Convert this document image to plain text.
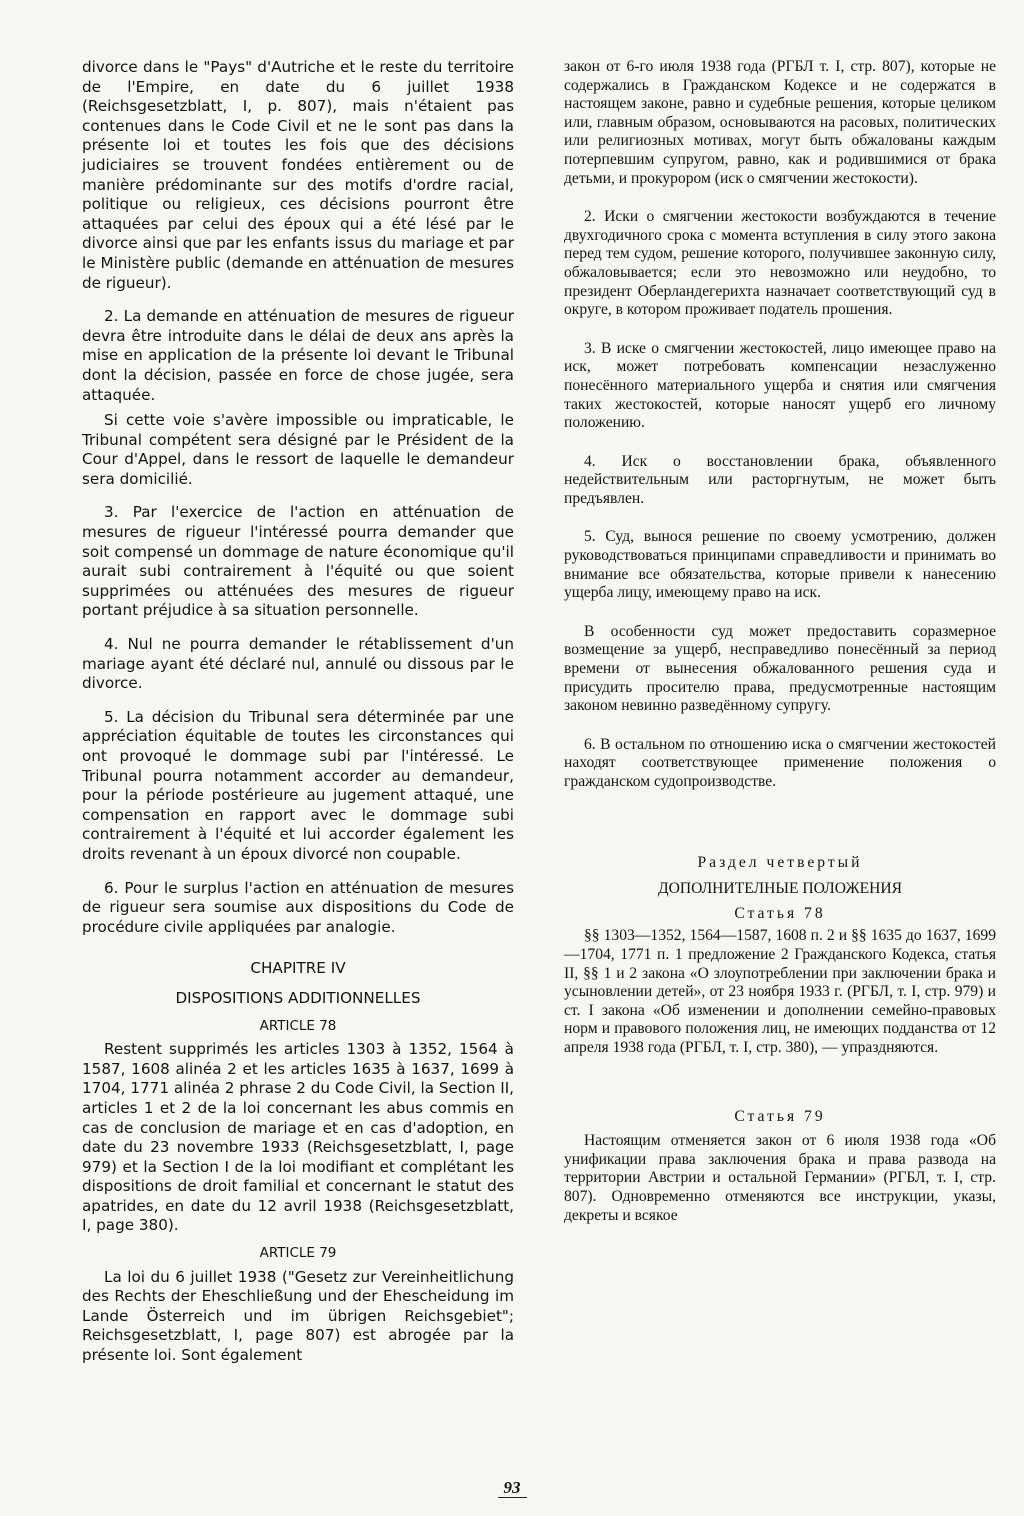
divorce dans le "Pays" d'Autriche et le reste du territoire de l'Empire, en date du 6 juillet 1938 (Reichsgesetzblatt, I, p. 807), mais n'étaient pas contenues dans le Code Civil et ne le sont pas dans la présente loi et toutes les fois que des décisions judiciaires se trouvent fondées entièrement ou de manière prédominante sur des motifs d'ordre racial, politique ou religieux, ces décisions pourront être attaquées par celui des époux qui a été lésé par le divorce ainsi que par les enfants issus du mariage et par le Ministère public (demande en atténuation de mesures de rigueur).

2. La demande en atténuation de mesures de rigueur devra être introduite dans le délai de deux ans après la mise en application de la présente loi devant le Tribunal dont la décision, passée en force de chose jugée, sera attaquée.

Si cette voie s'avère impossible ou impraticable, le Tribunal compétent sera désigné par le Président de la Cour d'Appel, dans le ressort de laquelle le demandeur sera domicilié.

3. Par l'exercice de l'action en atténuation de mesures de rigueur l'intéressé pourra demander que soit compensé un dommage de nature économique qu'il aurait subi contrairement à l'équité ou que soient supprimées ou atténuées des mesures de rigueur portant préjudice à sa situation personnelle.

4. Nul ne pourra demander le rétablissement d'un mariage ayant été déclaré nul, annulé ou dissous par le divorce.

5. La décision du Tribunal sera déterminée par une appréciation équitable de toutes les circonstances qui ont provoqué le dommage subi par l'intéressé. Le Tribunal pourra notamment accorder au demandeur, pour la période postérieure au jugement attaqué, une compensation en rapport avec le dommage subi contrairement à l'équité et lui accorder également les droits revenant à un époux divorcé non coupable.

6. Pour le surplus l'action en atténuation de mesures de rigueur sera soumise aux dispositions du Code de procédure civile appliquées par analogie.

CHAPITRE IV
DISPOSITIONS ADDITIONNELLES
ARTICLE 78

Restent supprimés les articles 1303 à 1352, 1564 à 1587, 1608 alinéa 2 et les articles 1635 à 1637, 1699 à 1704, 1771 alinéa 2 phrase 2 du Code Civil, la Section II, articles 1 et 2 de la loi concernant les abus commis en cas de conclusion de mariage et en cas d'adoption, en date du 23 novembre 1933 (Reichsgesetzblatt, I, page 979) et la Section I de la loi modifiant et complétant les dispositions de droit familial et concernant le statut des apatrides, en date du 12 avril 1938 (Reichsgesetzblatt, I, page 380).

ARTICLE 79

La loi du 6 juillet 1938 ("Gesetz zur Vereinheitlichung des Rechts der Eheschließung und der Ehescheidung im Lande Österreich und im übrigen Reichsgebiet"; Reichsgesetzblatt, I, page 807) est abrogée par la présente loi. Sont également

закон от 6-го июля 1938 года (РГБЛ т. I, стр. 807), которые не содержались в Гражданском Кодексе и не содержатся в настоящем законе, равно и судебные решения, которые целиком или, главным образом, основываются на расовых, политических или религиозных мотивах, могут быть обжалованы каждым потерпевшим супругом, равно, как и родившимися от брака детьми, и прокурором (иск о смягчении жестокости).

2. Иски о смягчении жестокости возбуждаются в течение двухгодичного срока с момента вступления в силу этого закона перед тем судом, решение которого, получившее законную силу, обжаловывается; если это невозможно или неудобно, то президент Оберландегерихта назначает соответствующий суд в округе, в котором проживает податель прошения.

3. В иске о смягчении жестокостей, лицо имеющее право на иск, может потребовать компенсации незаслуженно понесённого материального ущерба и снятия или смягчения таких жестокостей, которые наносят ущерб его личному положению.

4. Иск о восстановлении брака, объявленного недействительным или расторгнутым, не может быть предъявлен.

5. Суд, вынося решение по своему усмотрению, должен руководствоваться принципами справедливости и принимать во внимание все обязательства, которые привели к нанесению ущерба лицу, имеющему право на иск.

В особенности суд может предоставить соразмерное возмещение за ущерб, несправедливо понесённый за период времени от вынесения обжалованного решения суда и присудить просителю права, предусмотренные настоящим законом невинно разведённому супругу.

6. В остальном по отношению иска о смягчении жестокостей находят соответствующее применение положения о гражданском судопроизводстве.

Раздел четвертый
ДОПОЛНИТЕЛНЫЕ ПОЛОЖЕНИЯ
Статья 78

§§ 1303—1352, 1564—1587, 1608 п. 2 и §§ 1635 до 1637, 1699—1704, 1771 п. 1 предложение 2 Гражданского Кодекса, статья II, §§ 1 и 2 закона «О злоупотреблении при заключении брака и усыновлении детей», от 23 ноября 1933 г. (РГБЛ, т. I, стр. 979) и ст. I закона «Об изменении и дополнении семейно-правовых норм и правового положения лиц, не имеющих подданства от 12 апреля 1938 года (РГБЛ, т. I, стр. 380), — упраздняются.

Статья 79

Настоящим отменяется закон от 6 июля 1938 года «Об унификации права заключения брака и права развода на территории Австрии и остальной Германии» (РГБЛ, т. I, стр. 807). Одновременно отменяются все инструкции, указы, декреты и всякое

93
